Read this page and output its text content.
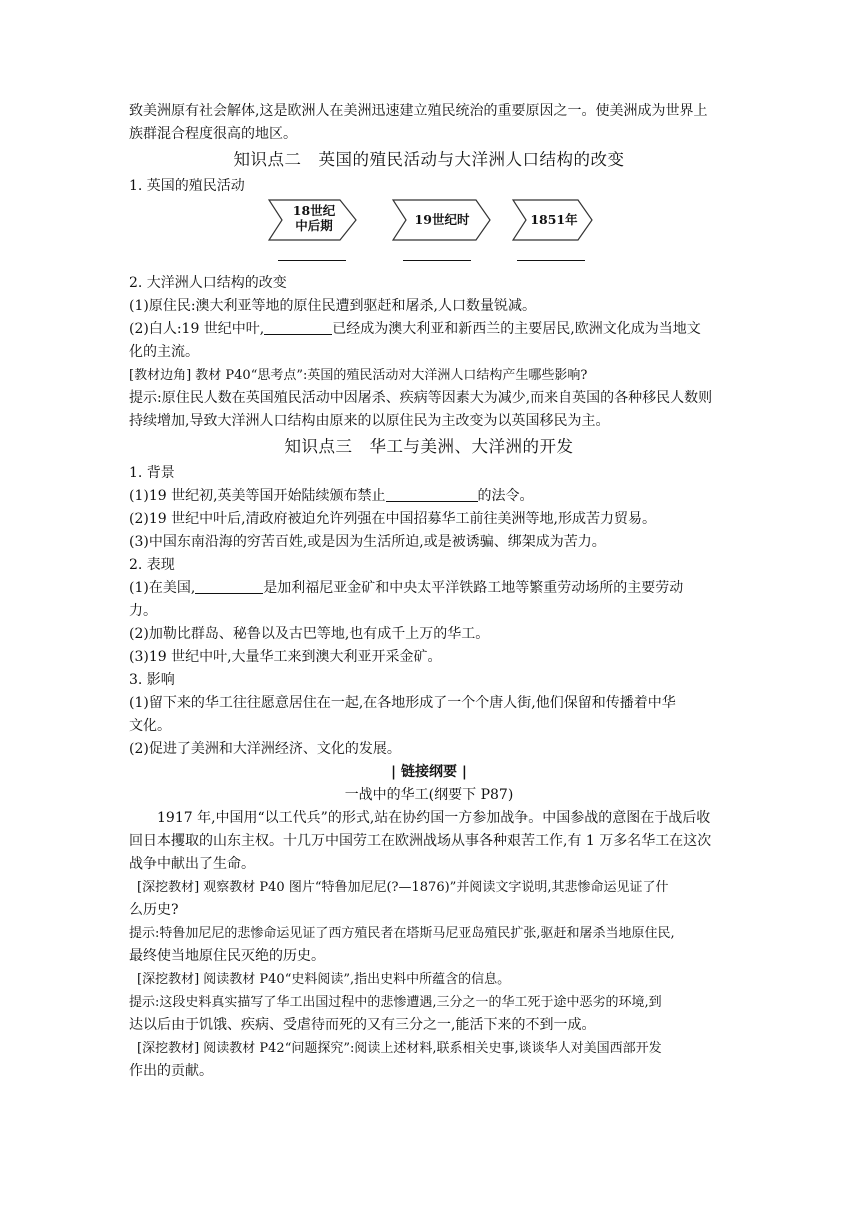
致美洲原有社会解体,这是欧洲人在美洲迅速建立殖民统治的重要原因之一。使美洲成为世界上

族群混合程度很高的地区。

知识点二　英国的殖民活动与大洋洲人口结构的改变

1. 英国的殖民活动

18世纪
中后期	19世纪时	1851年

2. 大洋洲人口结构的改变

(1)原住民:澳大利亚等地的原住民遭到驱赶和屠杀,人口数量锐减。

(2)白人:19 世纪中叶,	已经成为澳大利亚和新西兰的主要居民,欧洲文化成为当地文

化的主流。

[教材边角] 教材 P40“思考点”:英国的殖民活动对大洋洲人口结构产生哪些影响?

提示:原住民人数在英国殖民活动中因屠杀、疾病等因素大为减少,而来自英国的各种移民人数则

持续增加,导致大洋洲人口结构由原来的以原住民为主改变为以英国移民为主。

知识点三　华工与美洲、大洋洲的开发

1. 背景

(1)19 世纪初,英美等国开始陆续颁布禁止	的法令。

(2)19 世纪中叶后,清政府被迫允许列强在中国招募华工前往美洲等地,形成苦力贸易。

(3)中国东南沿海的穷苦百姓,或是因为生活所迫,或是被诱骗、绑架成为苦力。

2. 表现

(1)在美国,	是加利福尼亚金矿和中央太平洋铁路工地等繁重劳动场所的主要劳动

力。

(2)加勒比群岛、秘鲁以及古巴等地,也有成千上万的华工。

(3)19 世纪中叶,大量华工来到澳大利亚开采金矿。

3. 影响

(1)留下来的华工往往愿意居住在一起,在各地形成了一个个唐人街,他们保留和传播着中华

文化。

(2)促进了美洲和大洋洲经济、文化的发展。

| 链接纲要 |

一战中的华工(纲要下 P87)

1917 年,中国用“以工代兵”的形式,站在协约国一方参加战争。中国参战的意图在于战后收

回日本攫取的山东主权。十几万中国劳工在欧洲战场从事各种艰苦工作,有 1 万多名华工在这次

战争中献出了生命。

[深挖教材] 观察教材 P40 图片“特鲁加尼尼(?—1876)”并阅读文字说明,其悲惨命运见证了什

么历史?

提示:特鲁加尼尼的悲惨命运见证了西方殖民者在塔斯马尼亚岛殖民扩张,驱赶和屠杀当地原住民,

最终使当地原住民灭绝的历史。

[深挖教材] 阅读教材 P40“史料阅读”,指出史料中所蕴含的信息。

提示:这段史料真实描写了华工出国过程中的悲惨遭遇,三分之一的华工死于途中恶劣的环境,到

达以后由于饥饿、疾病、受虐待而死的又有三分之一,能活下来的不到一成。

[深挖教材] 阅读教材 P42“问题探究”:阅读上述材料,联系相关史事,谈谈华人对美国西部开发

作出的贡献。
